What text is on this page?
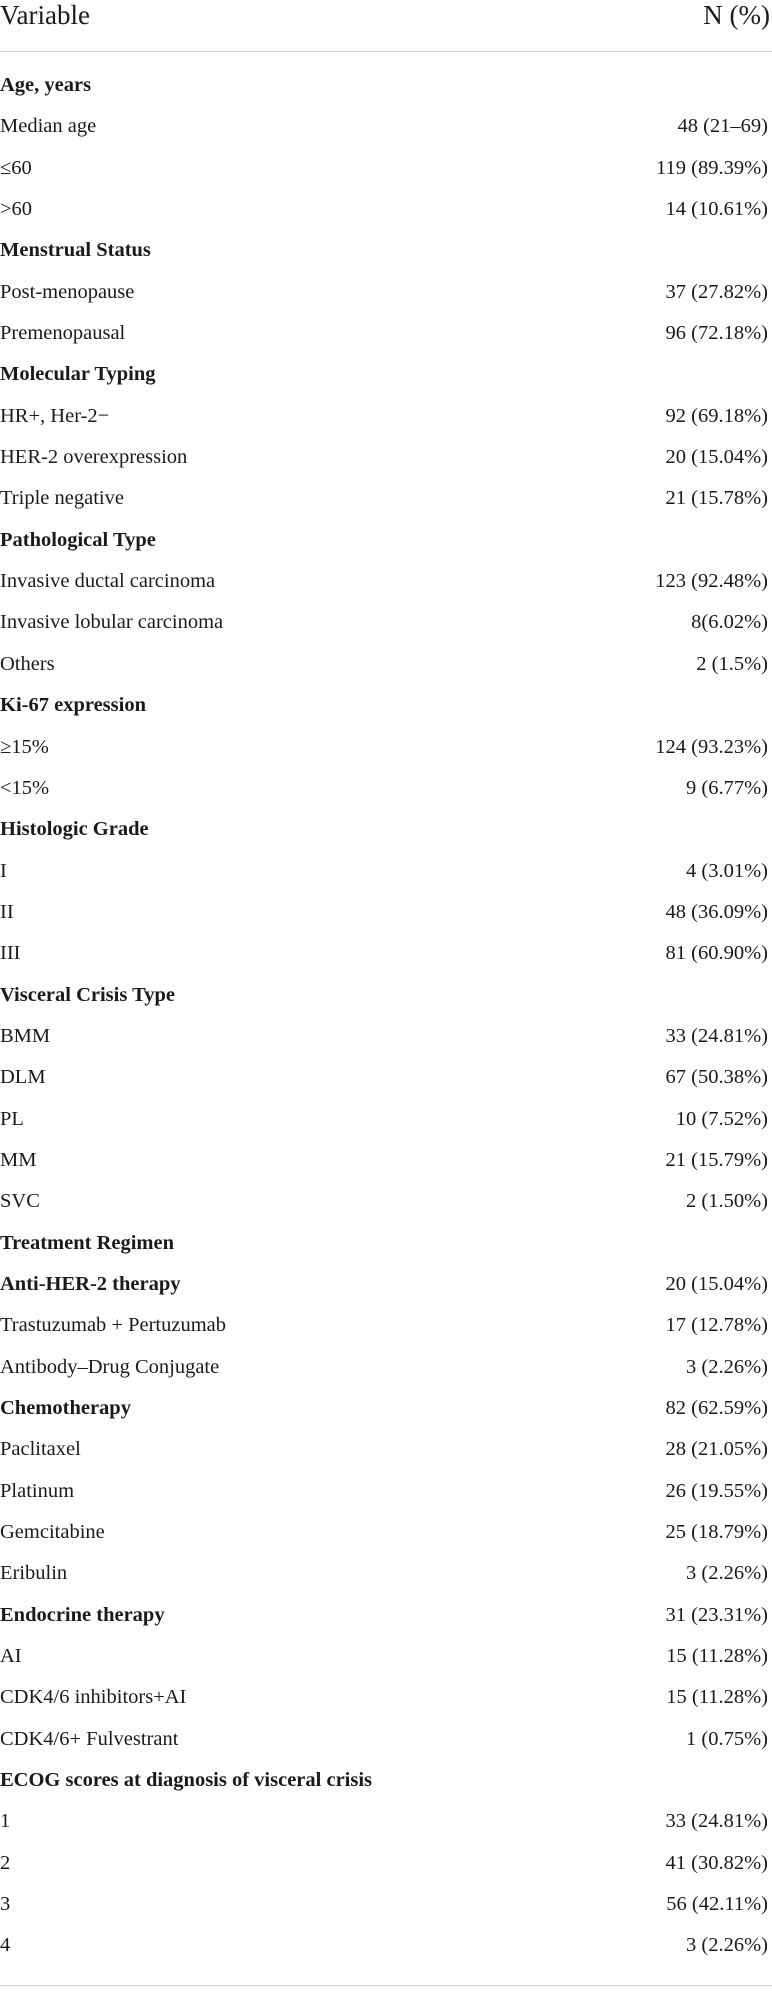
Variable	N (%)
Age, years
Median age	48 (21–69)
≤60	119 (89.39%)
>60	14 (10.61%)
Menstrual Status
Post-menopause	37 (27.82%)
Premenopausal	96 (72.18%)
Molecular Typing
HR+, Her-2−	92 (69.18%)
HER-2 overexpression	20 (15.04%)
Triple negative	21 (15.78%)
Pathological Type
Invasive ductal carcinoma	123 (92.48%)
Invasive lobular carcinoma	8(6.02%)
Others	2 (1.5%)
Ki-67 expression
≥15%	124 (93.23%)
<15%	9 (6.77%)
Histologic Grade
I	4 (3.01%)
II	48 (36.09%)
III	81 (60.90%)
Visceral Crisis Type
BMM	33 (24.81%)
DLM	67 (50.38%)
PL	10 (7.52%)
MM	21 (15.79%)
SVC	2 (1.50%)
Treatment Regimen
Anti-HER-2 therapy	20 (15.04%)
Trastuzumab + Pertuzumab	17 (12.78%)
Antibody–Drug Conjugate	3 (2.26%)
Chemotherapy	82 (62.59%)
Paclitaxel	28 (21.05%)
Platinum	26 (19.55%)
Gemcitabine	25 (18.79%)
Eribulin	3 (2.26%)
Endocrine therapy	31 (23.31%)
AI	15 (11.28%)
CDK4/6 inhibitors+AI	15 (11.28%)
CDK4/6+ Fulvestrant	1 (0.75%)
ECOG scores at diagnosis of visceral crisis
1	33 (24.81%)
2	41 (30.82%)
3	56 (42.11%)
4	3 (2.26%)
